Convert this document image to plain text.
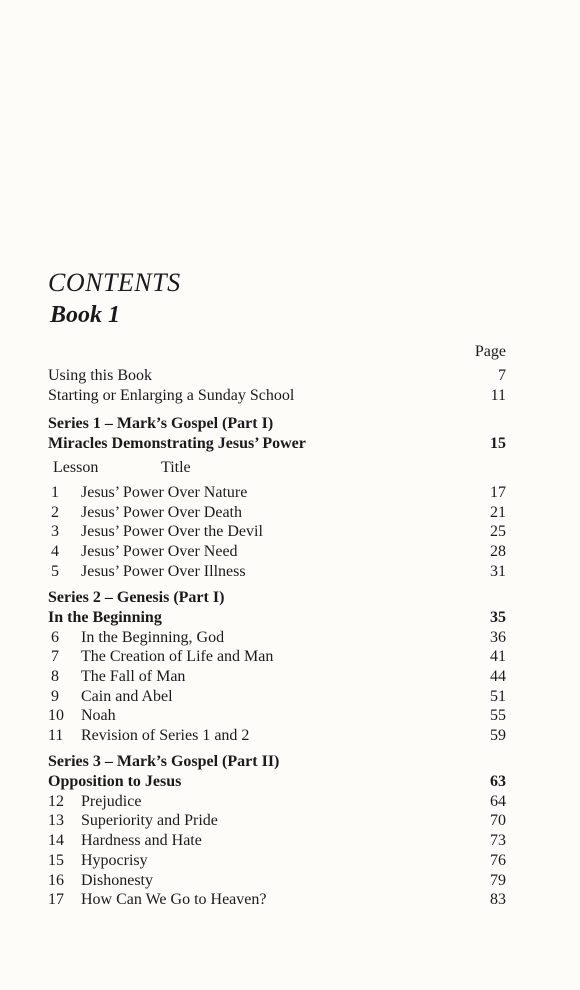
CONTENTS
Book 1
Page
Using this Book	7
Starting or Enlarging a Sunday School	11
Series 1 – Mark’s Gospel (Part I)
Miracles Demonstrating Jesus’ Power	15
Lesson	Title
1	Jesus’ Power Over Nature	17
2	Jesus’ Power Over Death	21
3	Jesus’ Power Over the Devil	25
4	Jesus’ Power Over Need	28
5	Jesus’ Power Over Illness	31
Series 2 – Genesis (Part I)
In the Beginning	35
6	In the Beginning, God	36
7	The Creation of Life and Man	41
8	The Fall of Man	44
9	Cain and Abel	51
10	Noah	55
11	Revision of Series 1 and 2	59
Series 3 – Mark’s Gospel (Part II)
Opposition to Jesus	63
12	Prejudice	64
13	Superiority and Pride	70
14	Hardness and Hate	73
15	Hypocrisy	76
16	Dishonesty	79
17	How Can We Go to Heaven?	83
